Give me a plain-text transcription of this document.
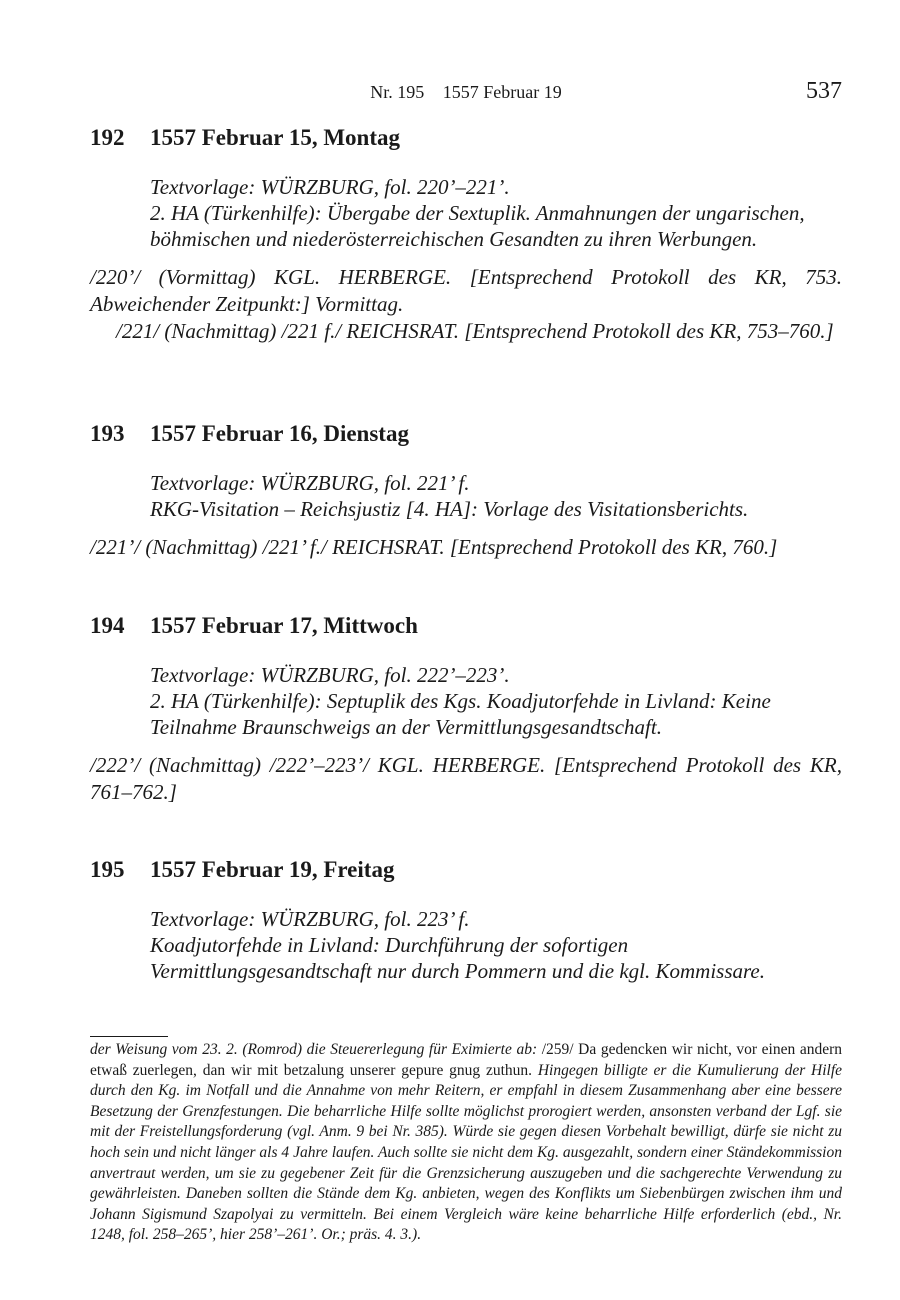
Nr. 195 1557 Februar 19	537
192 1557 Februar 15, Montag

Textvorlage: WÜRZBURG, fol. 220’–221’.

2. HA (Türkenhilfe): Übergabe der Sextuplik. Anmahnungen der ungarischen, böhmischen und niederösterreichischen Gesandten zu ihren Werbungen.

/220’/ (Vormittag) KGL. HERBERGE. [Entsprechend Protokoll des KR, 753. Abweichender Zeitpunkt:] Vormittag.

/221/ (Nachmittag) /221 f./ REICHSRAT. [Entsprechend Protokoll des KR, 753–760.]

193 1557 Februar 16, Dienstag

Textvorlage: WÜRZBURG, fol. 221’ f.

RKG-Visitation – Reichsjustiz [4. HA]: Vorlage des Visitationsberichts.

/221’/ (Nachmittag) /221’ f./ REICHSRAT. [Entsprechend Protokoll des KR, 760.]

194 1557 Februar 17, Mittwoch

Textvorlage: WÜRZBURG, fol. 222’–223’.

2. HA (Türkenhilfe): Septuplik des Kgs. Koadjutorfehde in Livland: Keine Teilnahme Braunschweigs an der Vermittlungsgesandtschaft.

/222’/ (Nachmittag) /222’–223’/ KGL. HERBERGE. [Entsprechend Protokoll des KR, 761–762.]

195 1557 Februar 19, Freitag

Textvorlage: WÜRZBURG, fol. 223’ f.

Koadjutorfehde in Livland: Durchführung der sofortigen Vermittlungsgesandtschaft nur durch Pommern und die kgl. Kommissare.

der Weisung vom 23. 2. (Romrod) die Steuererlegung für Eximierte ab: /259/ Da gedencken wir nicht, vor einen andern etwaß zuerlegen, dan wir mit betzalung unserer gepure gnug zuthun. Hingegen billigte er die Kumulierung der Hilfe durch den Kg. im Notfall und die Annahme von mehr Reitern, er empfahl in diesem Zusammenhang aber eine bessere Besetzung der Grenzfestungen. Die beharrliche Hilfe sollte möglichst prorogiert werden, ansonsten verband der Lgf. sie mit der Freistellungsforderung (vgl. Anm. 9 bei Nr. 385). Würde sie gegen diesen Vorbehalt bewilligt, dürfe sie nicht zu hoch sein und nicht länger als 4 Jahre laufen. Auch sollte sie nicht dem Kg. ausgezahlt, sondern einer Ständekommission anvertraut werden, um sie zu gegebener Zeit für die Grenzsicherung auszugeben und die sachgerechte Verwendung zu gewährleisten. Daneben sollten die Stände dem Kg. anbieten, wegen des Konflikts um Siebenbürgen zwischen ihm und Johann Sigismund Szapolyai zu vermitteln. Bei einem Vergleich wäre keine beharrliche Hilfe erforderlich (ebd., Nr. 1248, fol. 258–265’, hier 258’–261’. Or.; präs. 4. 3.).
